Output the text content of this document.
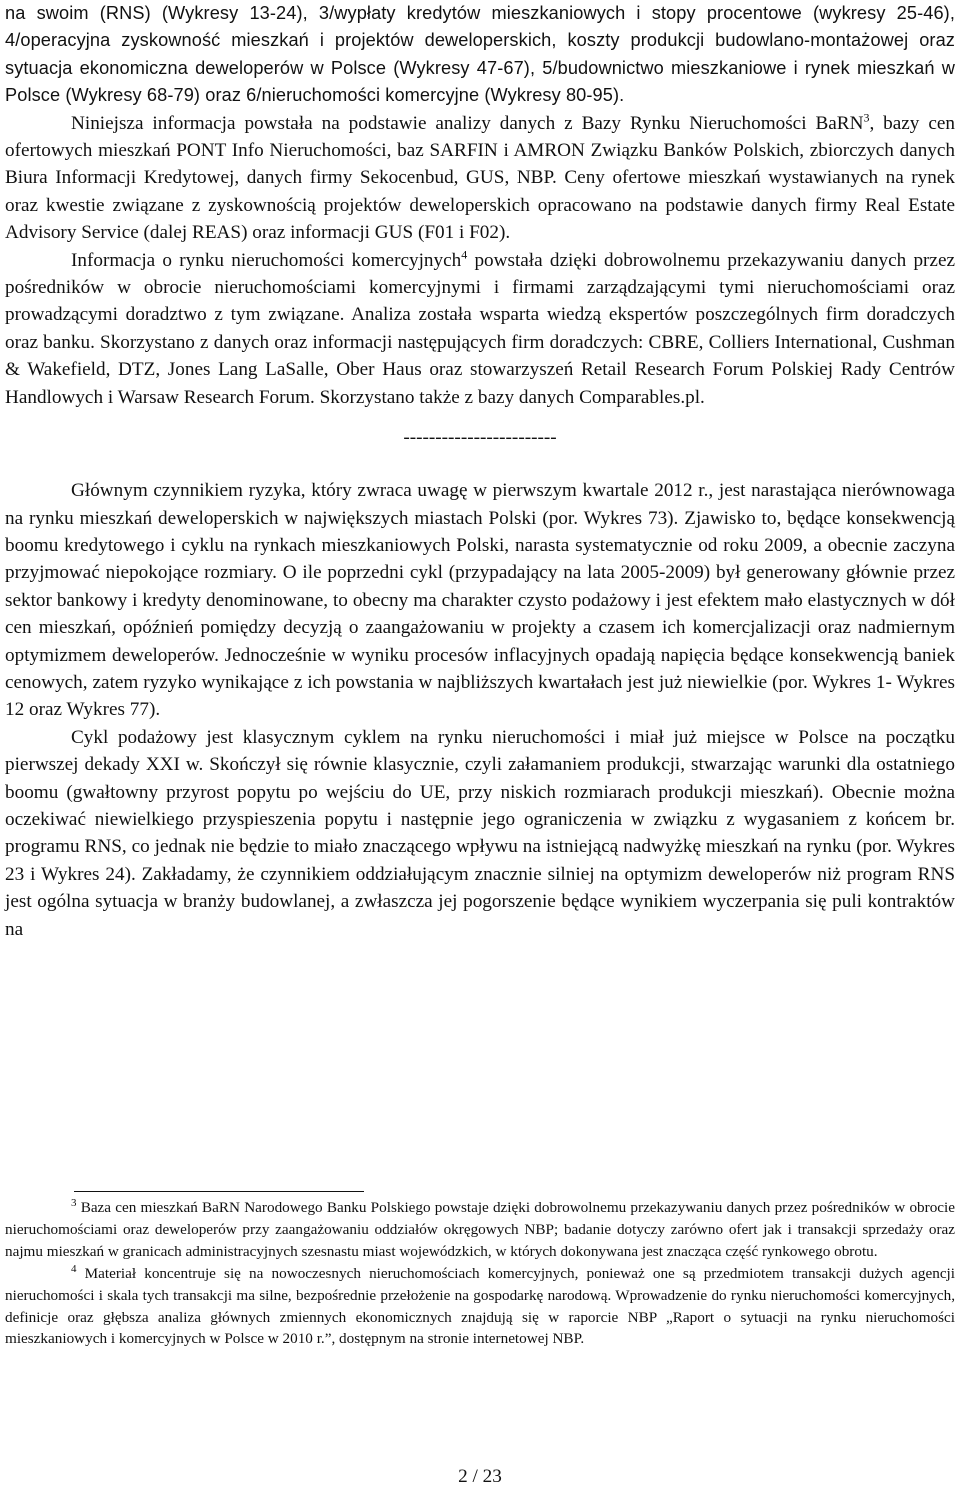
na swoim (RNS) (Wykresy 13-24), 3/wypłaty kredytów mieszkaniowych i stopy procentowe (wykresy 25-46), 4/operacyjna zyskowność mieszkań i projektów deweloperskich, koszty produkcji budowlano-montażowej oraz sytuacja ekonomiczna deweloperów w Polsce (Wykresy 47-67), 5/budownictwo mieszkaniowe i rynek mieszkań w Polsce (Wykresy 68-79) oraz 6/nieruchomości komercyjne (Wykresy 80-95).

Niniejsza informacja powstała na podstawie analizy danych z Bazy Rynku Nieruchomości BaRN$^3$, bazy cen ofertowych mieszkań PONT Info Nieruchomości, baz SARFIN i AMRON Związku Banków Polskich, zbiorczych danych Biura Informacji Kredytowej, danych firmy Sekocenbud, GUS, NBP. Ceny ofertowe mieszkań wystawianych na rynek oraz kwestie związane z zyskownością projektów deweloperskich opracowano na podstawie danych firmy Real Estate Advisory Service (dalej REAS) oraz informacji GUS (F01 i F02).

Informacja o rynku nieruchomości komercyjnych$^4$ powstała dzięki dobrowolnemu przekazywaniu danych przez pośredników w obrocie nieruchomościami komercyjnymi i firmami zarządzającymi tymi nieruchomościami oraz prowadzącymi doradztwo z tym związane. Analiza została wsparta wiedzą ekspertów poszczególnych firm doradczych oraz banku. Skorzystano z danych oraz informacji następujących firm doradczych: CBRE, Colliers International, Cushman & Wakefield, DTZ, Jones Lang LaSalle, Ober Haus oraz stowarzyszeń Retail Research Forum Polskiej Rady Centrów Handlowych i Warsaw Research Forum. Skorzystano także z bazy danych Comparables.pl.

------------------------

Głównym czynnikiem ryzyka, który zwraca uwagę w pierwszym kwartale 2012 r., jest narastająca nierównowaga na rynku mieszkań deweloperskich w największych miastach Polski (por. Wykres 73). Zjawisko to, będące konsekwencją boomu kredytowego i cyklu na rynkach mieszkaniowych Polski, narasta systematycznie od roku 2009, a obecnie zaczyna przyjmować niepokojące rozmiary. O ile poprzedni cykl (przypadający na lata 2005-2009) był generowany głównie przez sektor bankowy i kredyty denominowane, to obecny ma charakter czysto podażowy i jest efektem mało elastycznych w dół cen mieszkań, opóźnień pomiędzy decyzją o zaangażowaniu w projekty a czasem ich komercjalizacji oraz nadmiernym optymizmem deweloperów. Jednocześnie w wyniku procesów inflacyjnych opadają napięcia będące konsekwencją baniek cenowych, zatem ryzyko wynikające z ich powstania w najbliższych kwartałach jest już niewielkie (por. Wykres 1- Wykres 12 oraz Wykres 77).

Cykl podażowy jest klasycznym cyklem na rynku nieruchomości i miał już miejsce w Polsce na początku pierwszej dekady XXI w. Skończył się równie klasycznie, czyli załamaniem produkcji, stwarzając warunki dla ostatniego boomu (gwałtowny przyrost popytu po wejściu do UE, przy niskich rozmiarach produkcji mieszkań). Obecnie można oczekiwać niewielkiego przyspieszenia popytu i następnie jego ograniczenia w związku z wygasaniem z końcem br. programu RNS, co jednak nie będzie to miało znaczącego wpływu na istniejącą nadwyżkę mieszkań na rynku (por. Wykres 23 i Wykres 24). Zakładamy, że czynnikiem oddziałującym znacznie silniej na optymizm deweloperów niż program RNS jest ogólna sytuacja w branży budowlanej, a zwłaszcza jej pogorszenie będące wynikiem wyczerpania się puli kontraktów na

$^3$ Baza cen mieszkań BaRN Narodowego Banku Polskiego powstaje dzięki dobrowolnemu przekazywaniu danych przez pośredników w obrocie nieruchomościami oraz deweloperów przy zaangażowaniu oddziałów okręgowych NBP; badanie dotyczy zarówno ofert jak i transakcji sprzedaży oraz najmu mieszkań w granicach administracyjnych szesnastu miast wojewódzkich, w których dokonywana jest znacząca część rynkowego obrotu.

$^4$ Materiał koncentruje się na nowoczesnych nieruchomościach komercyjnych, ponieważ one są przedmiotem transakcji dużych agencji nieruchomości i skala tych transakcji ma silne, bezpośrednie przełożenie na gospodarkę narodową. Wprowadzenie do rynku nieruchomości komercyjnych, definicje oraz głębsza analiza głównych zmiennych ekonomicznych znajdują się w raporcie NBP „Raport o sytuacji na rynku nieruchomości mieszkaniowych i komercyjnych w Polsce w 2010 r.”, dostępnym na stronie internetowej NBP.

2 / 23
